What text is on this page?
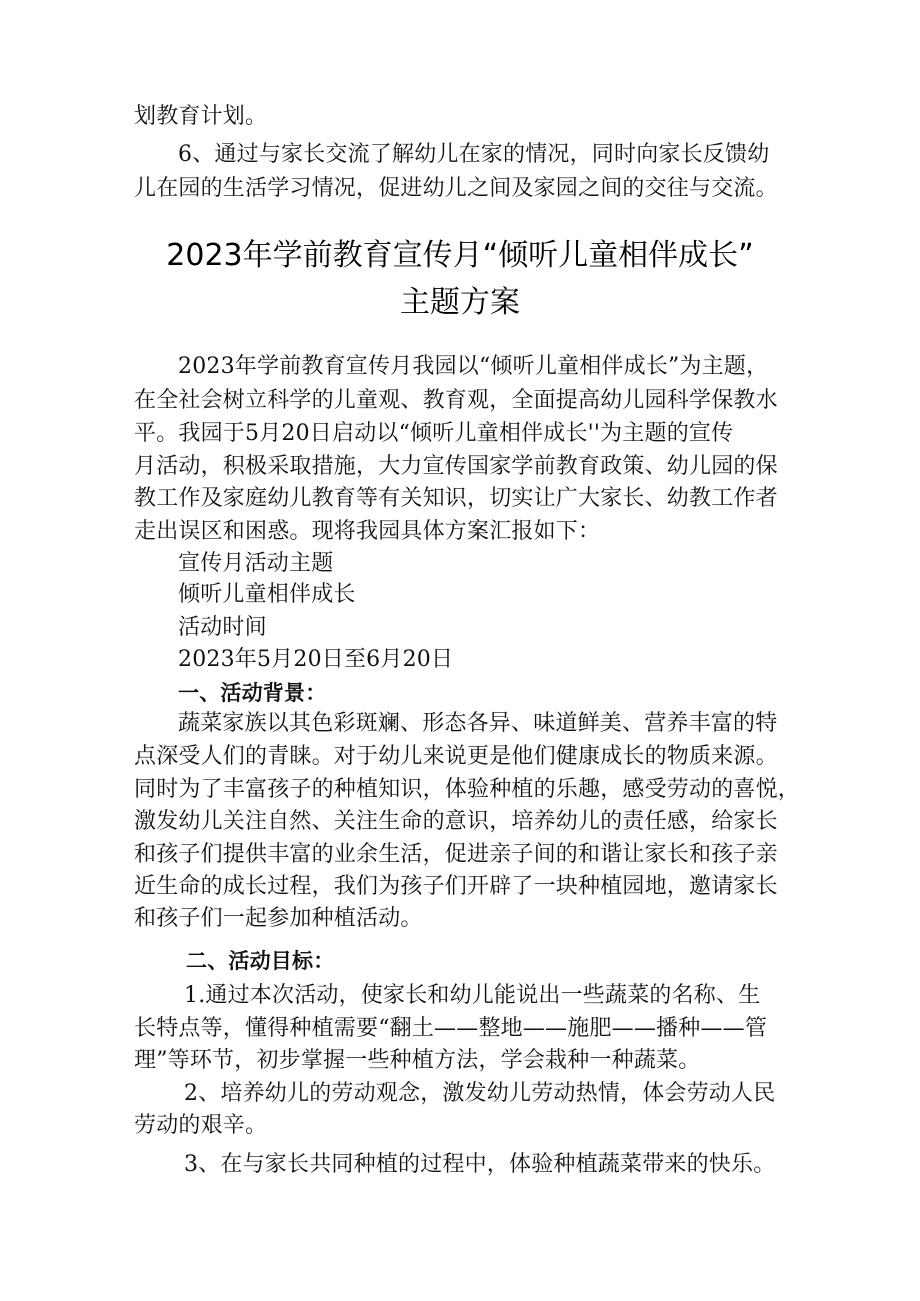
划教育计划。
6、通过与家长交流了解幼儿在家的情况，同时向家长反馈幼
儿在园的生活学习情况，促进幼儿之间及家园之间的交往与交流。
2023年学前教育宣传月“倾听儿童相伴成长”
主题方案
2023年学前教育宣传月我园以“倾听儿童相伴成长”为主题，
在全社会树立科学的儿童观、教育观，全面提高幼儿园科学保教水
平。我园于5月20日启动以“倾听儿童相伴成长''为主题的宣传
月活动，积极采取措施，大力宣传国家学前教育政策、幼儿园的保
教工作及家庭幼儿教育等有关知识，切实让广大家长、幼教工作者
走出误区和困惑。现将我园具体方案汇报如下：
宣传月活动主题
倾听儿童相伴成长
活动时间
2023年5月20日至6月20日
一、活动背景：
蔬菜家族以其色彩斑斓、形态各异、味道鲜美、营养丰富的特
点深受人们的青睐。对于幼儿来说更是他们健康成长的物质来源。
同时为了丰富孩子的种植知识，体验种植的乐趣，感受劳动的喜悦，
激发幼儿关注自然、关注生命的意识，培养幼儿的责任感，给家长
和孩子们提供丰富的业余生活，促进亲子间的和谐让家长和孩子亲
近生命的成长过程，我们为孩子们开辟了一块种植园地，邀请家长
和孩子们一起参加种植活动。
二、活动目标：
1.通过本次活动，使家长和幼儿能说出一些蔬菜的名称、生
长特点等，懂得种植需要“翻土——整地——施肥——播种——管
理”等环节，初步掌握一些种植方法，学会栽种一种蔬菜。
2、培养幼儿的劳动观念，激发幼儿劳动热情，体会劳动人民
劳动的艰辛。
3、在与家长共同种植的过程中，体验种植蔬菜带来的快乐。
